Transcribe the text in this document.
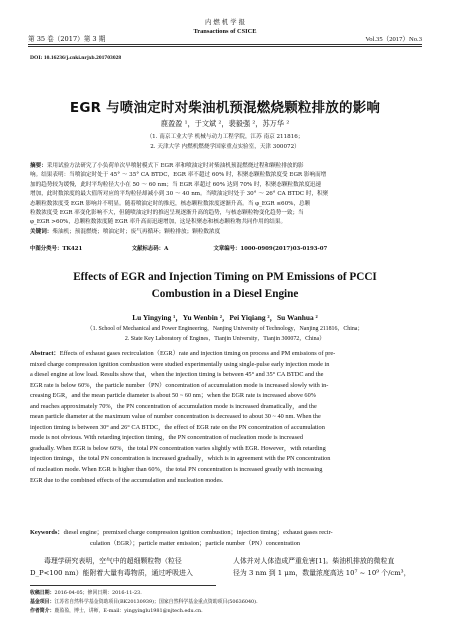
第 35 卷（2017）第 3 期
内 燃 机 学 报
Transactions of CSICE
Vol.35（2017）No.3
DOI: 10.16236/j.cnki.nrjxb.201703028
EGR 与喷油定时对柴油机预混燃烧颗粒排放的影响
鹿盈盈 ¹，于文斌 ²，裴毅强 ²，苏万华 ²
（1. 南京工业大学 机械与动力工程学院，江苏 南京 211816；
2. 天津大学 内燃机燃烧学国家重点实验室，天津 300072）
摘要：采用试验方法研究了小负荷单次早喷射模式下 EGR 率和喷油定时对柴油机预混燃烧过程和颗粒排放的影
响。结果表明：当喷油定时处于 45° ～ 35° CA BTDC，EGR 率不超过 60% 时，积聚态颗粒数浓度受 EGR 影响而增
加的趋势较为缓慢，此时平均粒径大小在 50 ～ 60 nm；当 EGR 率超过 60% 达到 70% 时，积聚态颗粒数浓度迅速
增加，此时数浓度的最大值所对应的平均粒径却减小到 30 ～ 40 nm。当喷油定时处于 30° ～ 26° CA BTDC 时，积聚
态颗粒数浓度受 EGR 影响并不明显。随着喷油定时的推迟，核态颗粒数浓度逐渐升高。当 φ_EGR ≤60%，总颗
粒数浓度受 EGR 率变化影响不大，但随喷油定时的推迟呈现逐渐升高的趋势，与核态颗粒物变化趋势一致；当
φ_EGR >60%，总颗粒数浓度随 EGR 率升高而迅速增加，这是积聚态和核态颗粒物共同作用的结果。
关键词：柴油机；预混燃烧；喷油定时；废气再循环；颗粒排放；颗粒数浓度
中图分类号：TK421	文献标志码：A	文章编号：1000-0909(2017)03-0193-07
Effects of EGR and Injection Timing on PM Emissions of PCCI
Combustion in a Diesel Engine
Lu Yingying ¹，Yu Wenbin ²，Pei Yiqiang ²，Su Wanhua ²
（1. School of Mechanical and Power Engineering，Nanjing University of Technology，Nanjing 211816，China；
2. State Key Laboratory of Engines，Tianjin University，Tianjin 300072，China）
Abstract：Effects of exhaust gases recirculation（EGR）rate and injection timing on process and PM emissions of pre-
mixed charge compression ignition combustion were studied experimentally using single-pulse early injection mode in
a diesel engine at low load. Results show that，when the injection timing is between 45° and 35° CA BTDC and the
EGR rate is below 60%，the particle number（PN）concentration of accumulation mode is increased slowly with in-
creasing EGR，and the mean particle diameter is about 50 ~ 60 nm；when the EGR rate is increased above 60%
and reaches approximately 70%，the PN concentration of accumulation mode is increased dramatically，and the
mean particle diameter at the maximum value of number concentration is decreased to about 30 ~ 40 nm. When the
injection timing is between 30° and 26° CA BTDC，the effect of EGR rate on the PN concentration of accumulation
mode is not obvious. With retarding injection timing，the PN concentration of nucleation mode is increased
gradually. When EGR is below 60%，the total PN concentration varies slightly with EGR. However，with retarding
injection timings，the total PN concentration is increased gradually，which is in agreement with the PN concentration
of nucleation mode. When EGR is higher than 60%，the total PN concentration is increased greatly with increasing
EGR due to the combined effects of the accumulation and nucleation modes.
Keywords：diesel engine；premixed charge compression ignition combustion；injection timing；exhaust gases recir-
culation（EGR）；particle matter emission；particle number（PN）concentration
毒理学研究表明，空气中的超细颗粒物（粒径
D_P<100 nm）能附着大量有毒物质，通过呼吸进入
人体并对人体造成严重危害[1]。柴油机排放的微粒直
径为 3 nm 到 1 μm，数量浓度高达 10⁷ ~ 10⁹ 个/cm³，
收稿日期：2016-04-05；修回日期：2016-11-23.
基金项目：江苏省自然科学基金资助项目(BK20130939)；国家自然科学基金重点资助项目(50636040).
作者简介：鹿盈盈，博士，讲师，E-mail：yingyinglu1981@njtech.edu.cn.
